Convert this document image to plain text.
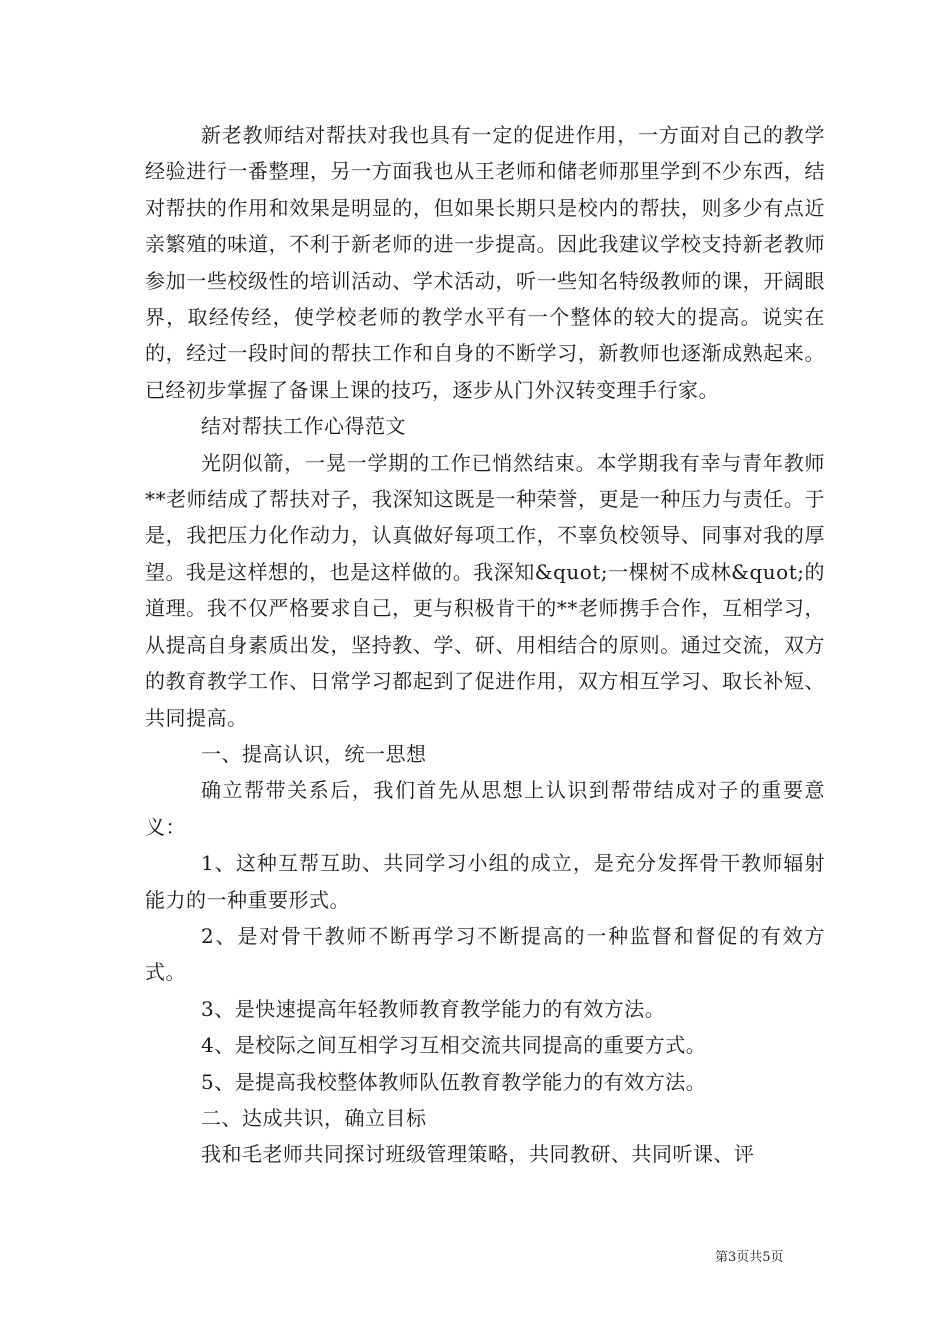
新老教师结对帮扶对我也具有一定的促进作用，一方面对自己的教学经验进行一番整理，另一方面我也从王老师和储老师那里学到不少东西，结对帮扶的作用和效果是明显的，但如果长期只是校内的帮扶，则多少有点近亲繁殖的味道，不利于新老师的进一步提高。因此我建议学校支持新老教师参加一些校级性的培训活动、学术活动，听一些知名特级教师的课，开阔眼界，取经传经，使学校老师的教学水平有一个整体的较大的提高。说实在的，经过一段时间的帮扶工作和自身的不断学习，新教师也逐渐成熟起来。已经初步掌握了备课上课的技巧，逐步从门外汉转变理手行家。

结对帮扶工作心得范文

光阴似箭，一晃一学期的工作已悄然结束。本学期我有幸与青年教师**老师结成了帮扶对子，我深知这既是一种荣誉，更是一种压力与责任。于是，我把压力化作动力，认真做好每项工作，不辜负校领导、同事对我的厚望。我是这样想的，也是这样做的。我深知&quot;一棵树不成林&quot;的道理。我不仅严格要求自己，更与积极肯干的**老师携手合作，互相学习，从提高自身素质出发，坚持教、学、研、用相结合的原则。通过交流，双方的教育教学工作、日常学习都起到了促进作用，双方相互学习、取长补短、共同提高。

一、提高认识，统一思想

确立帮带关系后，我们首先从思想上认识到帮带结成对子的重要意义：

1、这种互帮互助、共同学习小组的成立，是充分发挥骨干教师辐射能力的一种重要形式。

2、是对骨干教师不断再学习不断提高的一种监督和督促的有效方式。

3、是快速提高年轻教师教育教学能力的有效方法。

4、是校际之间互相学习互相交流共同提高的重要方式。

5、是提高我校整体教师队伍教育教学能力的有效方法。

二、达成共识，确立目标

我和毛老师共同探讨班级管理策略，共同教研、共同听课、评

第3页共5页
